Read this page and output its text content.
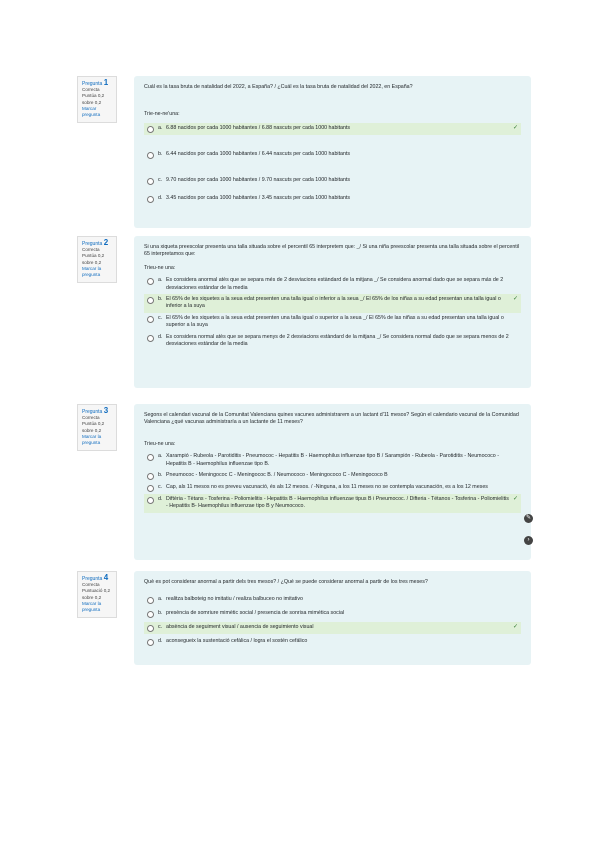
Pregunta 1
Correcta
Puntúa 0,2
sobre 0,2
Marcar pregunta

Cuál es la tasa bruta de natalidad del 2022, a España? / ¿Cuál es la tasa bruta de natalidad del 2022, en España?

Trie-ne-ne'una:
a. 6.88 nacidos por cada 1000 habitantes / 6.88 nascuts per cada 1000 habitants	✓
b. 6.44 nacidos por cada 1000 habitantes / 6.44 nascuts per cada 1000 habitants
c. 9.70 nacidos por cada 1000 habitantes / 9.70 nascuts per cada 1000 habitants
d. 3.45 nacidos por cada 1000 habitantes / 3.45 nascuts per cada 1000 habitants
Pregunta 2
Correcta
Puntúa 0,2
sobre 0,2
Marcar la pregunta

Si una xiqueta preescolar presenta una talla situada sobre el percentil 65 interpretem que: _/ Si una niña preescolar presenta una talla situada sobre el percentil 65 interpretamos que:

Trieu-ne una:
a. Es considera anormal atès que se separa més de 2 desviacions estàndard de la mitjana _/ Se considera anormal dado que se separa más de 2 desviaciones estándar de la media
b. El 65% de les xiquetes a la seua edat presenten una talla igual o inferior a la seua _/ El 65% de los niñas a su edad presentan una talla igual o inferior a la suya
✓
c. El 65% de les xiquetes a la seua edat presenten una talla igual o superior a la seua _/ El 65% de las niñas a su edad presentan una talla igual o superior a la suya
d. Es considera normal atès que se separa menys de 2 desviacions estàndard de la mitjana _/ Se considera normal dado que se separa menos de 2 desviaciones estándar de la media
Pregunta 3
Correcta
Puntúa 0,2
sobre 0,2
Marcar la pregunta

Segons el calendari vacunal de la Comunitat Valenciana quines vacunes administrarem a un lactant d'11 mesos? Según el calendario vacunal de la Comunidad Valenciana ¿qué vacunas administraría a un lactante de 11 meses?

Trieu-ne una:
a. Xarampió - Rubeola - Parotiditis - Pneumococ - Hepatitis B - Haemophilus influenzae tipo B / Sarampión - Rubeola - Parotiditis - Neumococo - Hepatitis B - Haemophilus influenzae tipo B.
b. Pneumococ - Meningococ C - Meningococ B. / Neumococo - Meningococo C - Meningococo B
c. Cap, als 11 mesos no es preveu vacunació, és als 12 mesos. / -Ninguna, a los 11 meses no se contempla vacunación, es a los 12 meses
d. Diftèria - Tètans - Tosferina - Poliomielitis - Hepatitis B - Haemophilus influenzae tipus B i Pneumococ. / Difteria - Tétanos - Tosferina - Poliomielitis - Hepatitis B- Haemophilus influenzae tipo B y Neumococo.
✓
✎
›
Pregunta 4
Correcta
Puntuació 0,2
sobre 0,2
Marcar la pregunta

Què es pot considerar anormal a partir dels tres mesos? / ¿Qué se puede considerar anormal a partir de los tres meses?

a. realitza balboteig no imitatiu / realiza balbuceo no imitativo
b. presència de somriure mimètic social / presencia de sonrisa mimética social
c. absència de seguiment visual / ausencia de seguimiento visual	✓
d. aconsegueix la sustentació cefàlica / logra el sostén cefálico
